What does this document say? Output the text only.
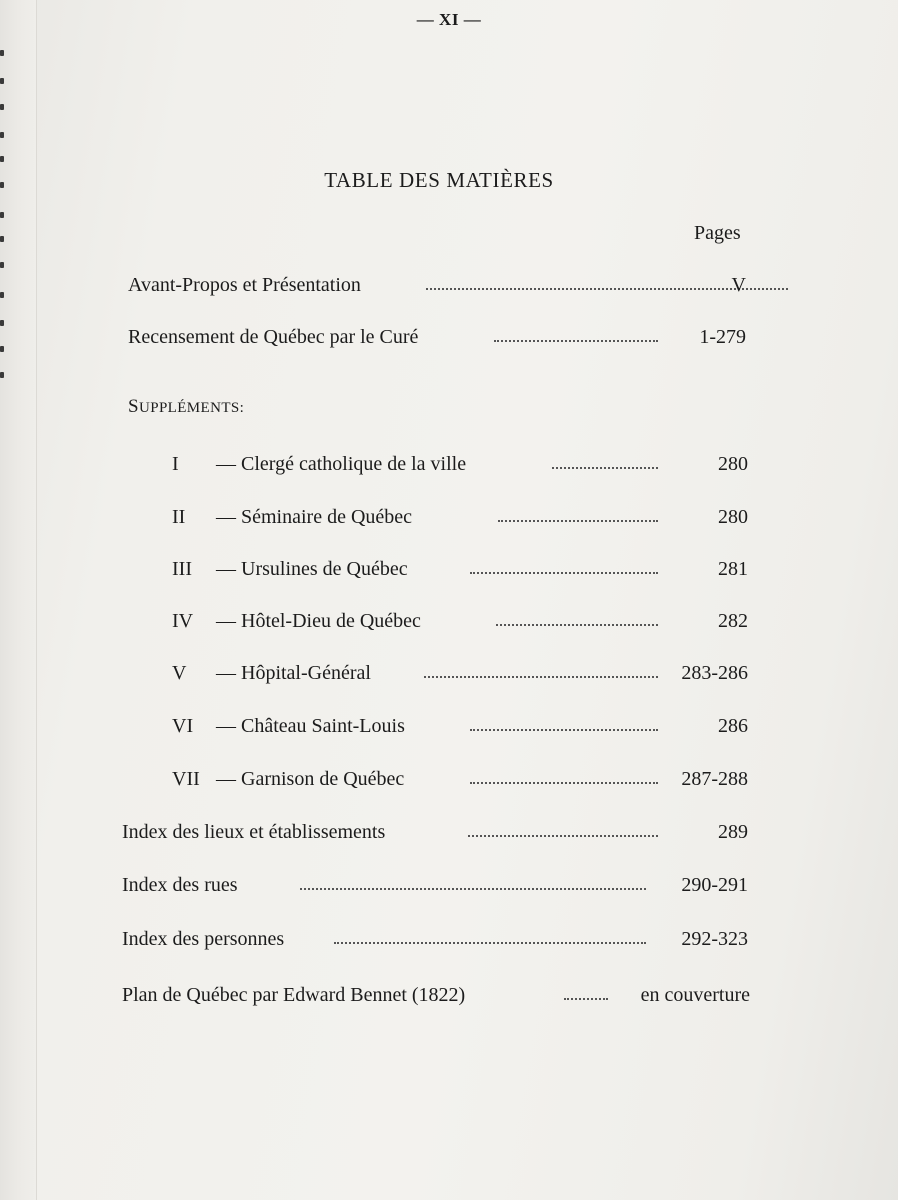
— XI —
TABLE DES MATIÈRES
Pages
Avant-Propos et Présentation	V
Recensement de Québec par le Curé	1-279
SUPPLÉMENTS:
I	— Clergé catholique de la ville	280
II	— Séminaire de Québec	280
III	— Ursulines de Québec	281
IV	— Hôtel-Dieu de Québec	282
V	— Hôpital-Général	283-286
VI	— Château Saint-Louis	286
VII — Garnison de Québec	287-288
Index des lieux et établissements	289
Index des rues	290-291
Index des personnes	292-323
Plan de Québec par Edward Bennet (1822)	en couverture
